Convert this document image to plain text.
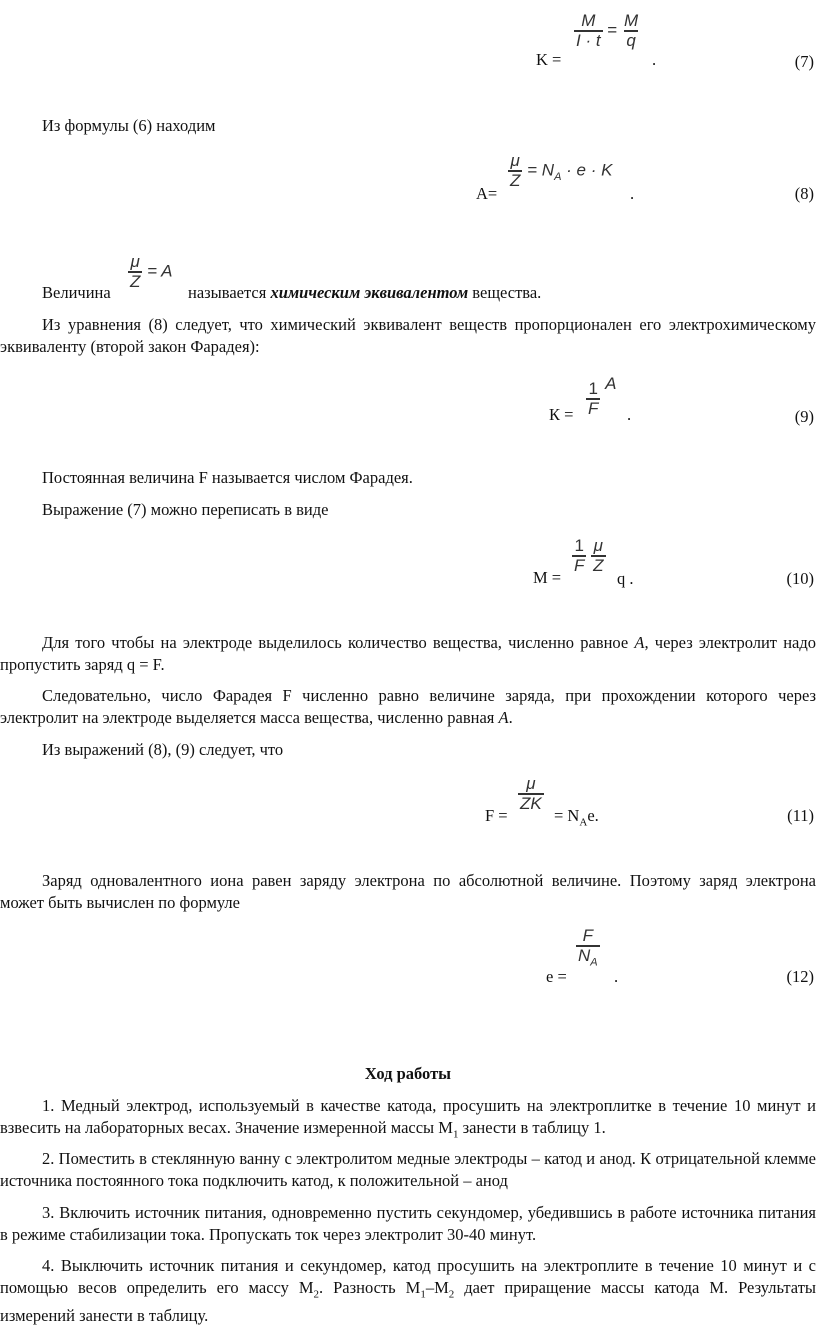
K =
$\frac{M}{I \cdot t} = \frac{M}{q}$
.	(7)
Из формулы (6) находим
A=
$\frac{\mu}{Z} = N_A \cdot e \cdot K$
.	(8)
Величина
$\frac{\mu}{Z} = A$
называется химическим эквивалентом вещества.
Из уравнения (8) следует, что химический эквивалент веществ пропорционален его электрохимическому эквиваленту (второй закон Фарадея):
$К = \frac{1}{F}$ A
.	(9)
Постоянная величина F называется числом Фарадея.
Выражение (7) можно переписать в виде
М =
$\frac{1}{F}$
$\frac{\mu}{Z}$
q .	(10)
Для того чтобы на электроде выделилось количество вещества, численно равное A, через электролит надо пропустить заряд q = F.
Следовательно, число Фарадея F численно равно величине заряда, при прохождении которого через электролит на электроде выделяется масса вещества, численно равная A.
Из выражений (8), (9) следует, что
F =
$\frac{\mu}{ZK}$
= $N_Ae$.	(11)
Заряд одновалентного иона равен заряду электрона по абсолютной величине. Поэтому заряд электрона может быть вычислен по формуле
e =
$\frac{F}{N_A}$
.	(12)
Ход работы
1. Медный электрод, используемый в качестве катода, просушить на электроплитке в течение 10 минут и взвесить на лабораторных весах. Значение измеренной массы $M_1$ занести в таблицу 1.
2. Поместить в стеклянную ванну с электролитом медные электроды – катод и анод. К отрицательной клемме источника постоянного тока подключить катод, к положительной – анод
3. Включить источник питания, одновременно пустить секундомер, убедившись в работе источника питания в режиме стабилизации тока. Пропускать ток через электролит 30-40 минут.
4. Выключить источник питания и секундомер, катод просушить на электроплите в течение 10 минут и с помощью весов определить его массу $M_2$. Разность $M_1-M_2$ дает приращение массы катода M. Результаты измерений занести в таблицу.
